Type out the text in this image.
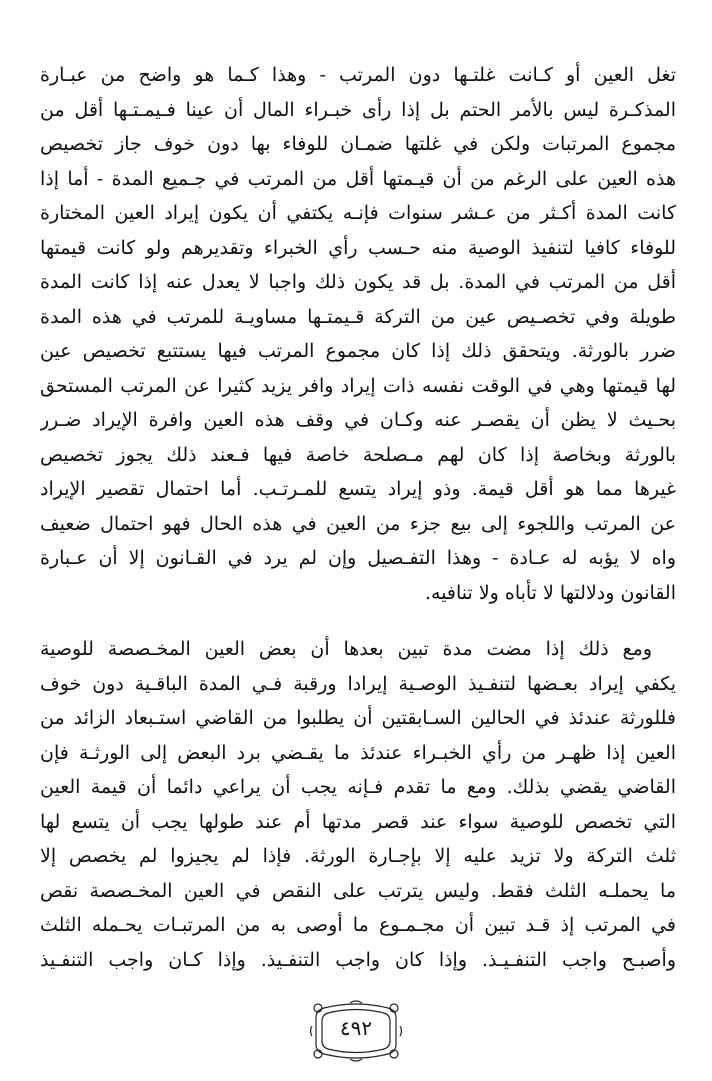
تغل العين أو كـانت غلتـها دون المرتب - وهذا كـما هو واضح من عبـارة
المذكـرة ليس بالأمر الحتم بل إذا رأى خبـراء المال أن عينا فـيمـتـها أقل من
مجموع المرتبات ولكن في غلتها ضمـان للوفاء بها دون خوف جاز تخصيص
هذه العين على الرغم من أن قيـمتها أقل من المرتب في جـميع المدة - أما إذا
كانت المدة أكـثر من عـشر سنوات فإنـه يكتفي أن يكون إيراد العين المختارة
للوفاء كافيا لتنفيذ الوصية منه حـسب رأي الخبراء وتقديرهم ولو كانت قيمتها
أقل من المرتب في المدة. بل قد يكون ذلك واجبا لا يعدل عنه إذا كانت المدة
طويلة وفي تخصـيص عين من التركة قـيمتـها مساويـة للمرتب في هذه المدة
ضرر بالورثة. ويتحقق ذلك إذا كان مجموع المرتب فيها يستتبع تخصيص عين
لها قيمتها وهي في الوقت نفسه ذات إيراد وافر يزيد كثيرا عن المرتب المستحق
بحـيث لا يظن أن يقصـر عنه وكـان في وقف هذه العين وافرة الإيراد ضـرر
بالورثة وبخاصة إذا كان لهم مـصلحة خاصة فيها فـعند ذلك يجوز تخصيص
غيرها مما هو أقل قيمة. وذو إيراد يتسع للمـرتـب. أما احتمال تقصير الإيراد
عن المرتب واللجوء إلى بيع جزء من العين في هذه الحال فهو احتمال ضعيف
واه لا يؤبه له عـادة - وهذا التفـصيل وإن لم يرد في القـانون إلا أن عـبارة
القانون ودلالتها لا تأباه ولا تنافيه.
ومع ذلك إذا مضت مدة تبين بعدها أن بعض العين المخـصصة للوصية
يكفي إيراد بعـضها لتنفـيذ الوصـية إيرادا ورقبة فـي المدة الباقـية دون خوف
فللورثة عندئذ في الحالين السـابقتين أن يطلبوا من القاضي استـبعاد الزائد من
العين إذا ظهـر من رأي الخبـراء عندئذ ما يقـضي برد البعض إلى الورثـة فإن
القاضي يقضي بذلك. ومع ما تقدم فـإنه يجب أن يراعي دائما أن قيمة العين
التي تخصص للوصية سواء عند قصر مدتها أم عند طولها يجب أن يتسع لها
ثلث التركة ولا تزيد عليه إلا بإجـارة الورثة. فإذا لم يجيزوا لم يخصص إلا
ما يحملـه الثلث فقط. وليس يترتب على النقص في العين المخـصصة نقص
في المرتب إذ قـد تبين أن مجـمـوع ما أوصى به من المرتبـات يحـمله الثلث
وأصبـح واجب التنفـيـذ. وإذا كان واجب التنفـيذ. وإذا كـان واجب التنفـيذ
٤٩٢
